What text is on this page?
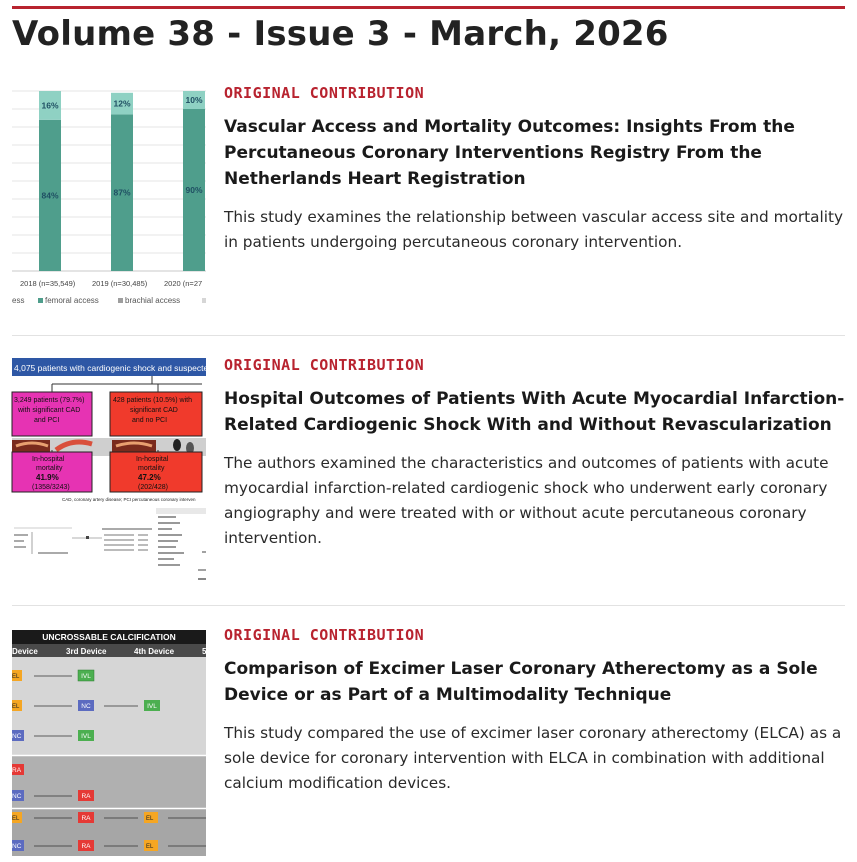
Volume 38 - Issue 3 - March, 2026
84%
16%
87%
12%
90%
10%
2018 (n=35,549) 2019 (n=30,485) 2020 (n=27
ess	femoral access	brachial access
ORIGINAL CONTRIBUTION
Vascular Access and Mortality Outcomes: Insights From the Percutaneous Coronary Interventions Registry From the Netherlands Heart Registration

This study examines the relationship between vascular access site and mortality in patients undergoing percutaneous coronary intervention.

4,075 patients with cardiogenic shock and suspected ac
3,249 patients (79.7%)
with significant CAD
and PCI
428 patients (10.5%) with
significant CAD
and no PCI
In-hospital
mortality
41.9%
(1358/3243)
In-hospital
mortality
47.2%
(202/428)
CAD, coronary artery disease; PCI percutaneous coronary interven
ORIGINAL CONTRIBUTION
Hospital Outcomes of Patients With Acute Myocardial Infarction-Related Cardiogenic Shock With and Without Revascularization

The authors examined the characteristics and outcomes of patients with acute myocardial infarction-related cardiogenic shock who underwent early coronary angiography and were treated with or without acute percutaneous coronary intervention.

UNCROSSABLE CALCIFICATION
Device	3rd Device	4th Device	5
EL	IVL
EL	NC	IVL
NC	IVL
RA
NC	RA
EL	RA	EL
NC	RA	EL
ORIGINAL CONTRIBUTION
Comparison of Excimer Laser Coronary Atherectomy as a Sole Device or as Part of a Multimodality Technique

This study compared the use of excimer laser coronary atherectomy (ELCA) as a sole device for coronary intervention with ELCA in combination with additional calcium modification devices.
